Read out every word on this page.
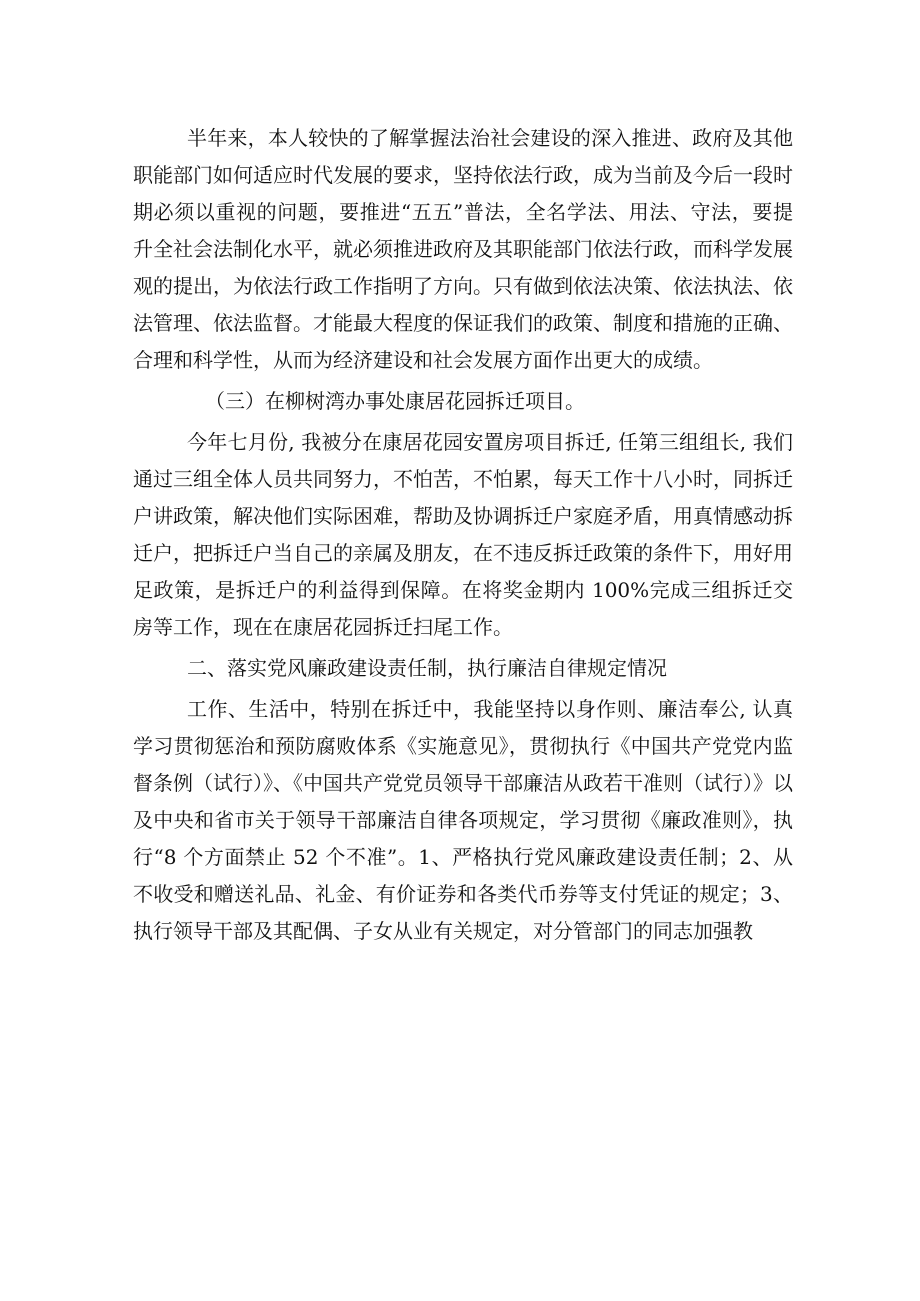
半年来，本人较快的了解掌握法治社会建设的深入推进、政府及其他职能部门如何适应时代发展的要求，坚持依法行政，成为当前及今后一段时期必须以重视的问题，要推进“五五”普法，全名学法、用法、守法，要提升全社会法制化水平，就必须推进政府及其职能部门依法行政，而科学发展观的提出，为依法行政工作指明了方向。只有做到依法决策、依法执法、依法管理、依法监督。才能最大程度的保证我们的政策、制度和措施的正确、合理和科学性，从而为经济建设和社会发展方面作出更大的成绩。

（三）在柳树湾办事处康居花园拆迁项目。

今年七月份, 我被分在康居花园安置房项目拆迁, 任第三组组长, 我们通过三组全体人员共同努力，不怕苦，不怕累，每天工作十八小时，同拆迁户讲政策，解决他们实际困难，帮助及协调拆迁户家庭矛盾，用真情感动拆迁户，把拆迁户当自己的亲属及朋友，在不违反拆迁政策的条件下，用好用足政策，是拆迁户的利益得到保障。在将奖金期内 100%完成三组拆迁交房等工作，现在在康居花园拆迁扫尾工作。

二、落实党风廉政建设责任制，执行廉洁自律规定情况

工作、生活中，特别在拆迁中，我能坚持以身作则、廉洁奉公, 认真学习贯彻惩治和预防腐败体系《实施意见》，贯彻执行《中国共产党党内监督条例（试行）》、《中国共产党党员领导干部廉洁从政若干准则（试行）》以及中央和省市关于领导干部廉洁自律各项规定，学习贯彻《廉政准则》，执行“8 个方面禁止 52 个不准”。1、严格执行党风廉政建设责任制；2、从不收受和赠送礼品、礼金、有价证券和各类代币券等支付凭证的规定；3、执行领导干部及其配偶、子女从业有关规定，对分管部门的同志加强教
